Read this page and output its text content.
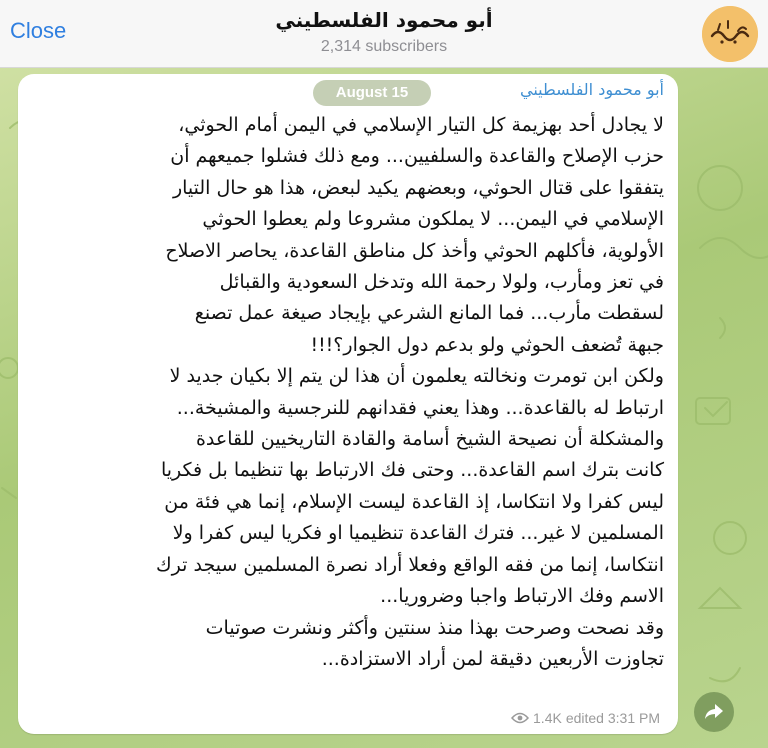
Close	أبو محمود الفلسطيني
2,314 subscribers
أبو محمود الفلسطيني
لا يجادل أحد بهزيمة كل التيار الإسلامي في اليمن أمام الحوثي،
حزب الإصلاح والقاعدة والسلفيين... ومع ذلك فشلوا جميعهم أن
يتفقوا على قتال الحوثي، وبعضهم يكيد لبعض، هذا هو حال التيار
الإسلامي في اليمن... لا يملكون مشروعا ولم يعطوا الحوثي
الأولوية، فأكلهم الحوثي وأخذ كل مناطق القاعدة، يحاصر الاصلاح
في تعز ومأرب، ولولا رحمة الله وتدخل السعودية والقبائل
لسقطت مأرب... فما المانع الشرعي بإيجاد صيغة عمل تصنع
جبهة تُضعف الحوثي ولو بدعم دول الجوار؟!!!
ولكن ابن تومرت ونخالته يعلمون أن هذا لن يتم إلا بكيان جديد لا
ارتباط له بالقاعدة... وهذا يعني فقدانهم للنرجسية والمشيخة...
والمشكلة أن نصيحة الشيخ أسامة والقادة التاريخيين للقاعدة
كانت بترك اسم القاعدة... وحتى فك الارتباط بها تنظيما بل فكريا
ليس كفرا ولا انتكاسا، إذ القاعدة ليست الإسلام، إنما هي فئة من
المسلمين لا غير... فترك القاعدة تنظيميا او فكريا ليس كفرا ولا
انتكاسا، إنما من فقه الواقع وفعلا أراد نصرة المسلمين سيجد ترك
الاسم وفك الارتباط واجبا وضروريا...
وقد نصحت وصرحت بهذا منذ سنتين وأكثر ونشرت صوتيات
تجاوزت الأربعين دقيقة لمن أراد الاستزادة...
1.4K edited 3:31 PM
August 15
